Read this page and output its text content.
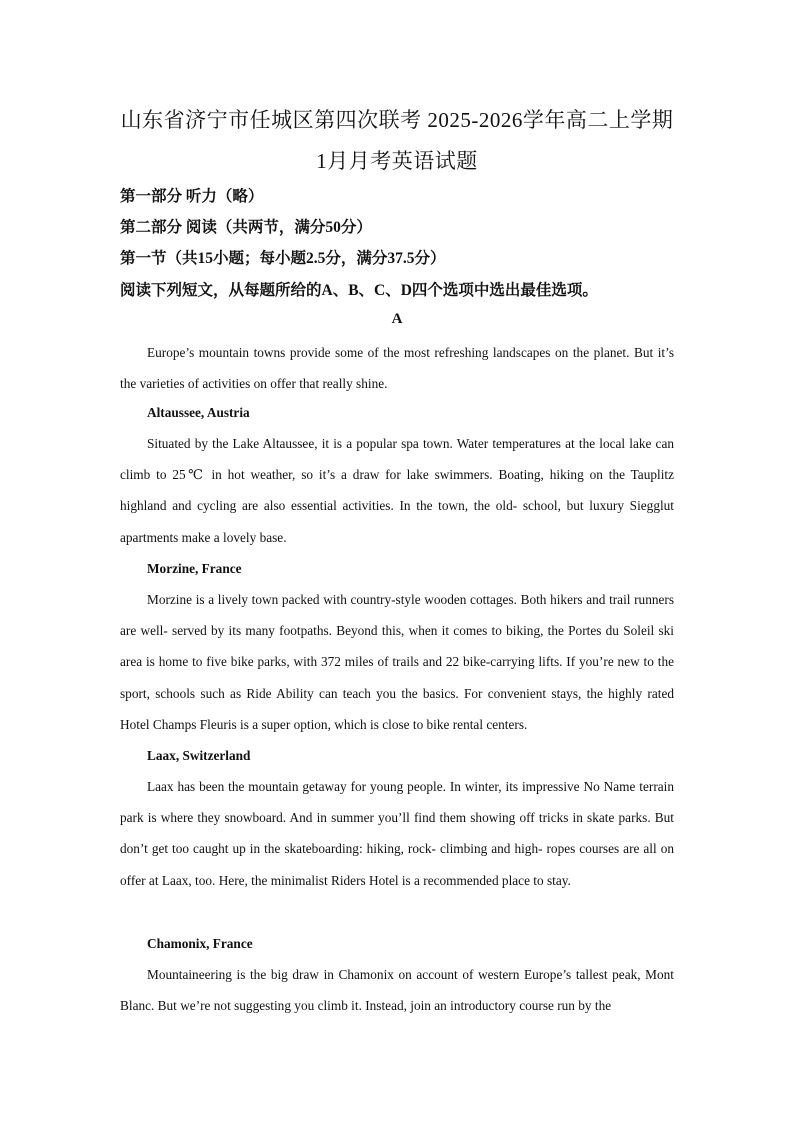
山东省济宁市任城区第四次联考 2025-2026学年高二上学期
1月月考英语试题
第一部分 听力（略）
第二部分 阅读（共两节，满分50分）
第一节（共15小题；每小题2.5分，满分37.5分）
阅读下列短文，从每题所给的A、B、C、D四个选项中选出最佳选项。
A

Europe’s mountain towns provide some of the most refreshing landscapes on the planet. But it’s the varieties of activities on offer that really shine.

Altaussee, Austria

Situated by the Lake Altaussee, it is a popular spa town. Water temperatures at the local lake can climb to 25℃ in hot weather, so it’s a draw for lake swimmers. Boating, hiking on the Tauplitz highland and cycling are also essential activities. In the town, the old- school, but luxury Siegglut apartments make a lovely base.

Morzine, France

Morzine is a lively town packed with country-style wooden cottages. Both hikers and trail runners are well- served by its many footpaths. Beyond this, when it comes to biking, the Portes du Soleil ski area is home to five bike parks, with 372 miles of trails and 22 bike-carrying lifts. If you’re new to the sport, schools such as Ride Ability can teach you the basics. For convenient stays, the highly rated Hotel Champs Fleuris is a super option, which is close to bike rental centers.

Laax, Switzerland

Laax has been the mountain getaway for young people. In winter, its impressive No Name terrain park is where they snowboard. And in summer you’ll find them showing off tricks in skate parks. But don’t get too caught up in the skateboarding: hiking, rock- climbing and high- ropes courses are all on offer at Laax, too. Here, the minimalist Riders Hotel is a recommended place to stay.

Chamonix, France

Mountaineering is the big draw in Chamonix on account of western Europe’s tallest peak, Mont Blanc. But we’re not suggesting you climb it. Instead, join an introductory course run by the
